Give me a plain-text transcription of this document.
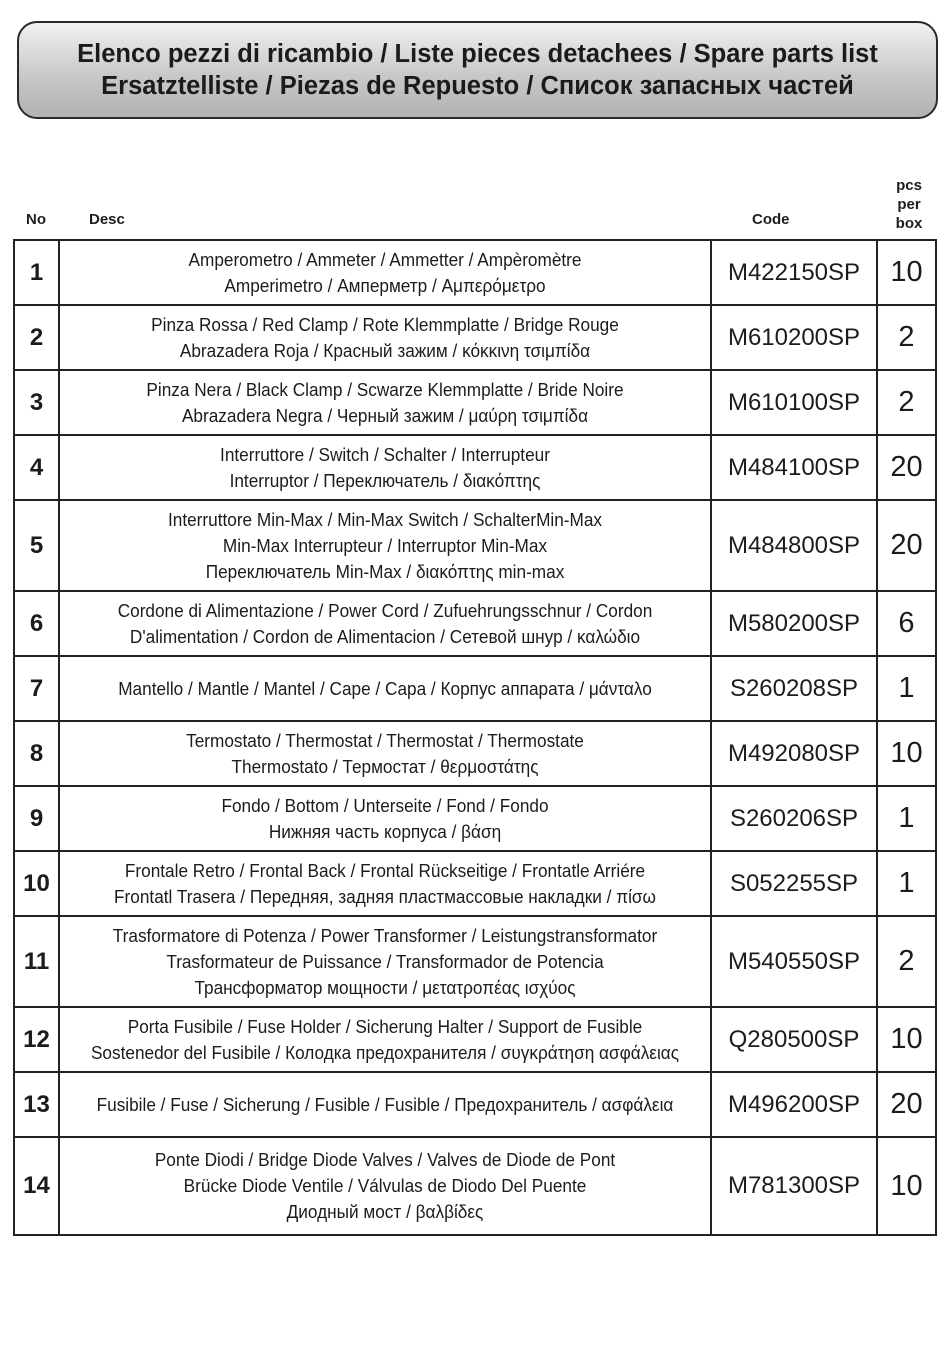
Elenco pezzi di ricambio / Liste pieces detachees / Spare parts list
Ersatztelliste / Piezas de Repuesto / Список запасных частей
No	Desc	Code
pcs
per
box
1	Amperometro / Ammeter / Ammetter / Ampèromètre
Amperimetro / Амперметр / Αμπερόμετρο	M422150SP	10
2	Pinza Rossa / Red Clamp / Rote Klemmplatte / Bridge Rouge
Abrazadera Roja / Красный зажим / κόκκινη τσιμπίδα	M610200SP	2
3	Pinza Nera / Black Clamp / Scwarze Klemmplatte / Bride Noire
Abrazadera Negra / Черный зажим / μαύρη τσιμπίδα	M610100SP	2
4	Interruttore / Switch / Schalter / Interrupteur
Interruptor / Переключатель / διακόπτης	M484100SP	20
5	Interruttore Min-Max / Min-Max Switch / SchalterMin-Max
Min-Max Interrupteur / Interruptor Min-Max
Переключатель Min-Max / διακόπτης min-max	M484800SP	20
6	Cordone di Alimentazione / Power Cord / Zufuehrungsschnur / Cordon
D'alimentation / Cordon de Alimentacion / Сетевой шнур / καλώδιο	M580200SP	6
7	Mantello / Mantle / Mantel / Cape / Capa / Корпус аппарата / μάνταλο	S260208SP	1
8	Termostato / Thermostat / Thermostat / Thermostate
Thermostato / Термостат / θερμοστάτης	M492080SP	10
9	Fondo / Bottom / Unterseite / Fond / Fondo
Нижняя часть корпуса / βάση	S260206SP	1
10	Frontale Retro / Frontal Back / Frontal Rückseitige / Frontatle Arriére
Frontatl Trasera / Передняя, задняя пластмассовые накладки / πίσω	S052255SP	1
11	Trasformatore di Potenza / Power Transformer / Leistungstransformator
Trasformateur de Puissance / Transformador de Potencia
Трансформатор мощности / μετατροπέας ισχύος	M540550SP	2
12	Porta Fusibile / Fuse Holder / Sicherung Halter / Support de Fusible
Sostenedor del Fusibile / Колодка предохранителя / συγκράτηση ασφάλειας	Q280500SP	10
13	Fusibile / Fuse / Sicherung / Fusible / Fusible / Предохранитель / ασφάλεια	M496200SP	20
14	Ponte Diodi / Bridge Diode Valves / Valves de Diode de Pont
Brücke Diode Ventile / Válvulas de Diodo Del Puente
Диодный мост / βαλβίδες	M781300SP	10
